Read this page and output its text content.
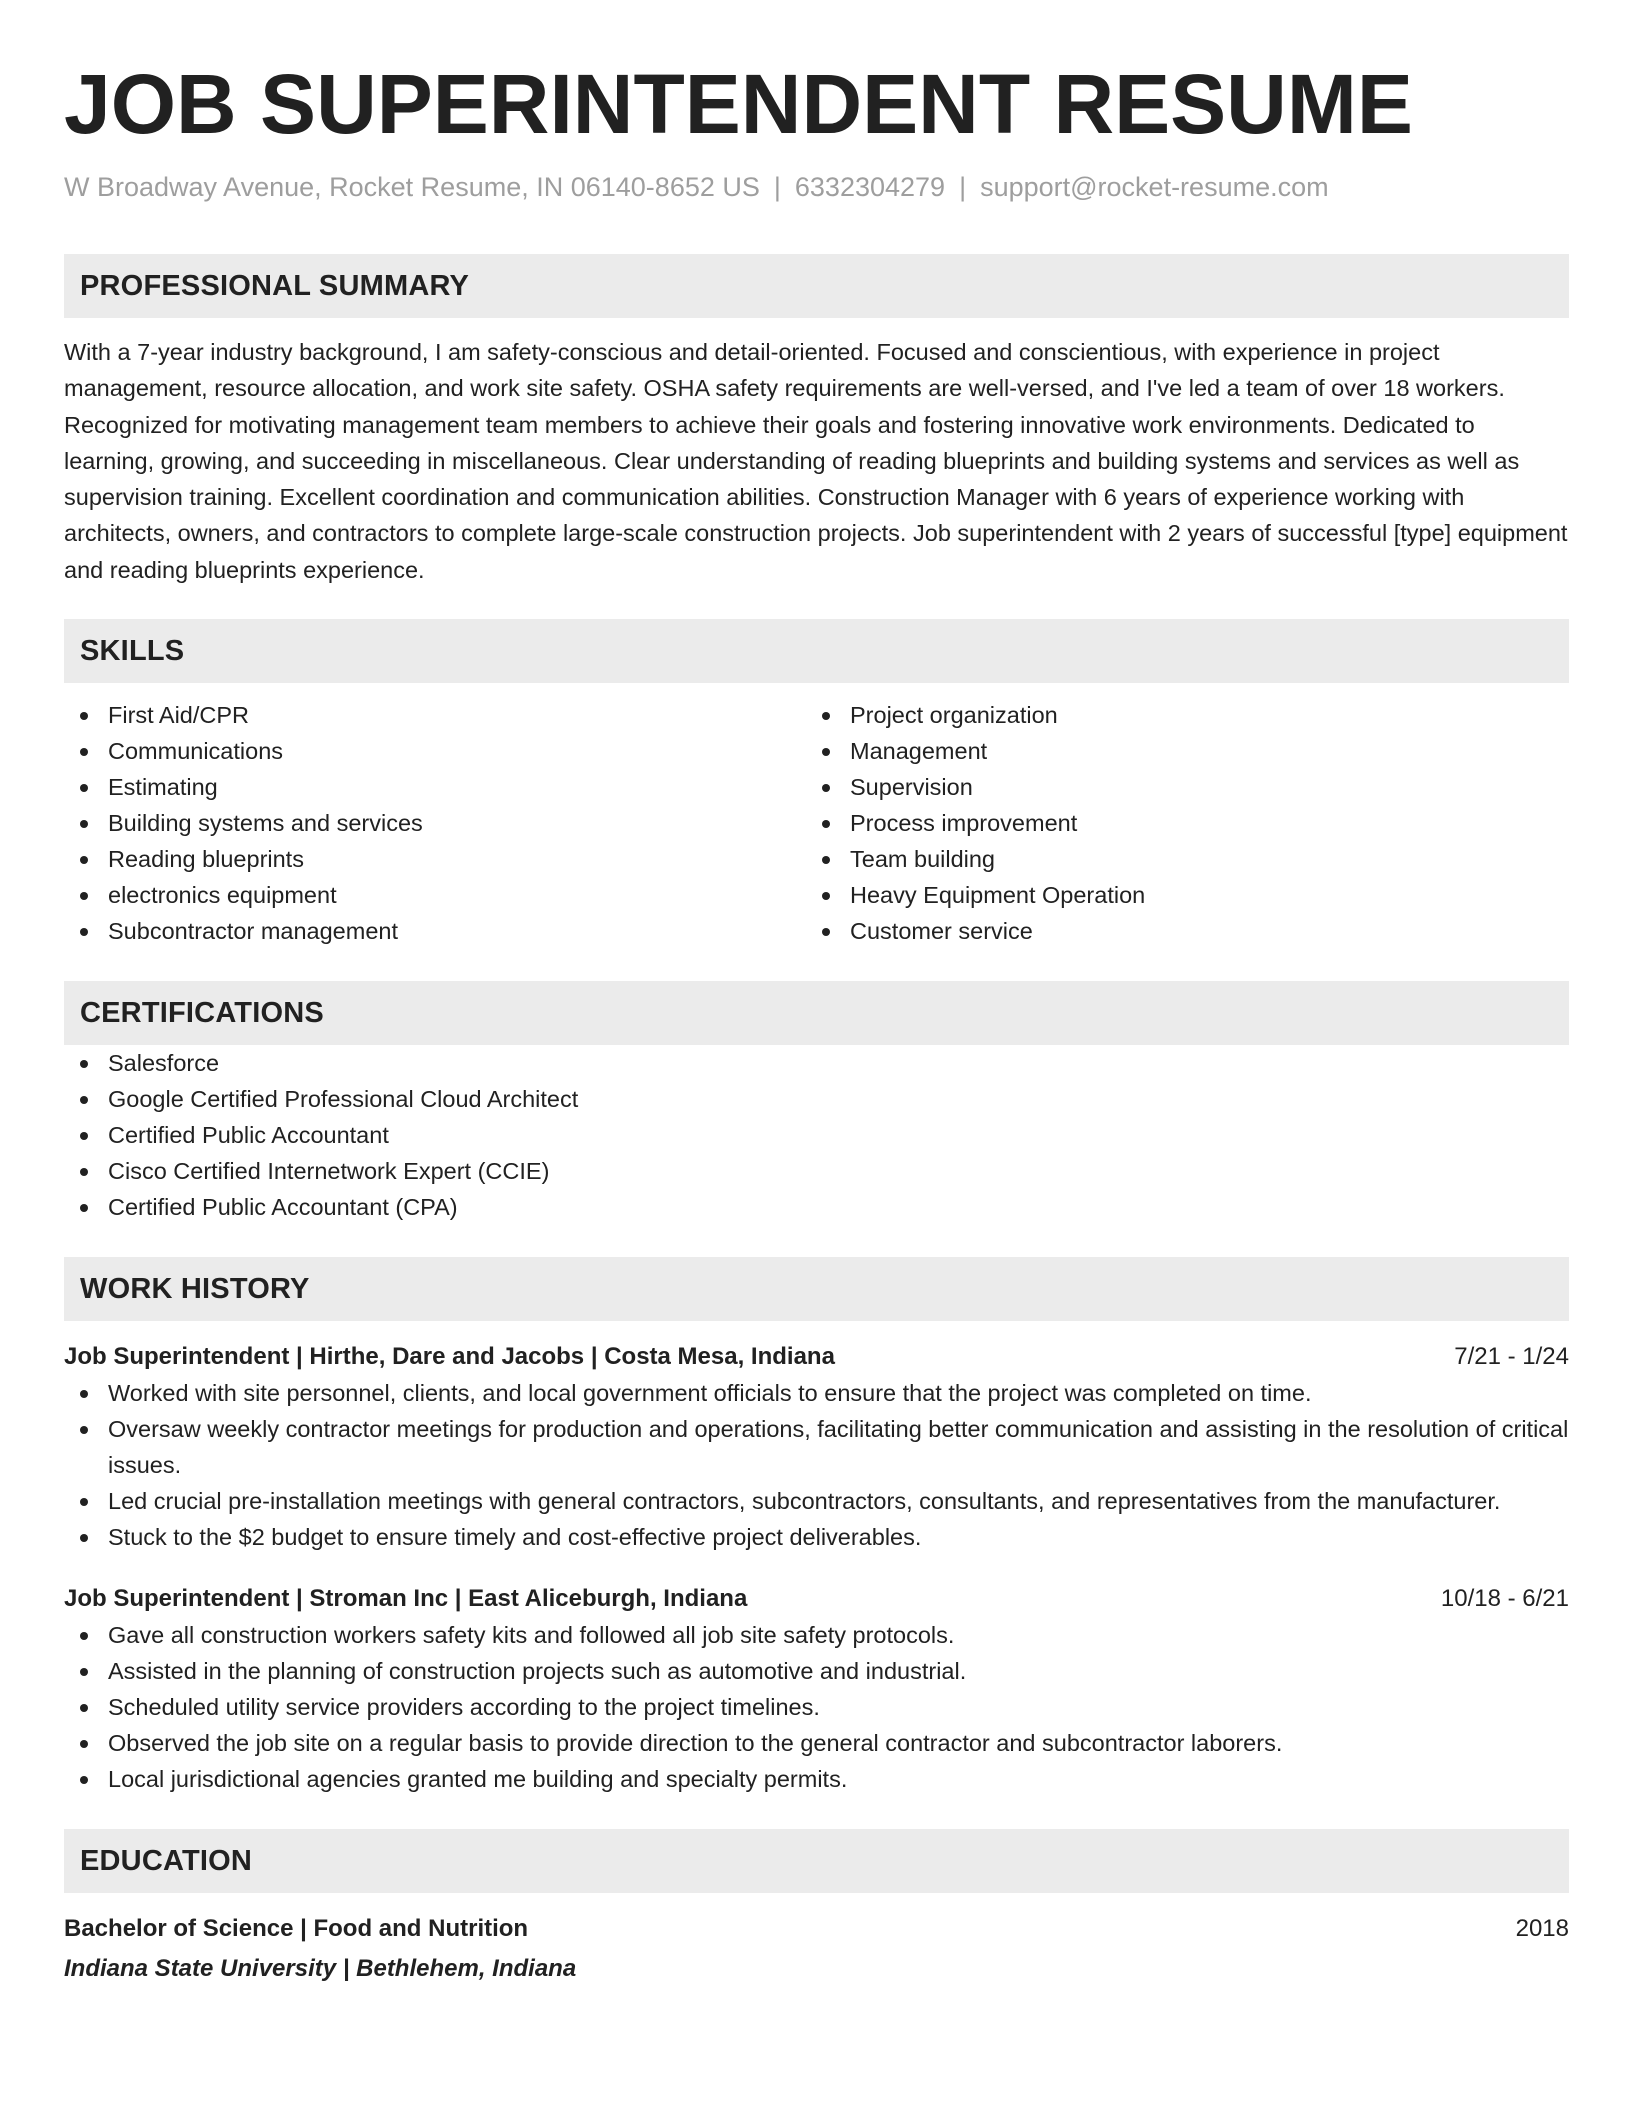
JOB SUPERINTENDENT RESUME
W Broadway Avenue, Rocket Resume, IN 06140-8652 US | 6332304279 | support@rocket-resume.com
PROFESSIONAL SUMMARY

With a 7-year industry background, I am safety-conscious and detail-oriented. Focused and conscientious, with experience in project management, resource allocation, and work site safety. OSHA safety requirements are well-versed, and I've led a team of over 18 workers. Recognized for motivating management team members to achieve their goals and fostering innovative work environments. Dedicated to learning, growing, and succeeding in miscellaneous. Clear understanding of reading blueprints and building systems and services as well as supervision training. Excellent coordination and communication abilities. Construction Manager with 6 years of experience working with architects, owners, and contractors to complete large-scale construction projects. Job superintendent with 2 years of successful [type] equipment and reading blueprints experience.

SKILLS
First Aid/CPR
Communications
Estimating
Building systems and services
Reading blueprints
electronics equipment
Subcontractor management
Project organization
Management
Supervision
Process improvement
Team building
Heavy Equipment Operation
Customer service
CERTIFICATIONS
Salesforce
Google Certified Professional Cloud Architect
Certified Public Accountant
Cisco Certified Internetwork Expert (CCIE)
Certified Public Accountant (CPA)
WORK HISTORY
Job Superintendent | Hirthe, Dare and Jacobs | Costa Mesa, Indiana	7/21 - 1/24
Worked with site personnel, clients, and local government officials to ensure that the project was completed on time.
Oversaw weekly contractor meetings for production and operations, facilitating better communication and assisting in the resolution of critical issues.
Led crucial pre-installation meetings with general contractors, subcontractors, consultants, and representatives from the manufacturer.
Stuck to the $2 budget to ensure timely and cost-effective project deliverables.
Job Superintendent | Stroman Inc | East Aliceburgh, Indiana	10/18 - 6/21
Gave all construction workers safety kits and followed all job site safety protocols.
Assisted in the planning of construction projects such as automotive and industrial.
Scheduled utility service providers according to the project timelines.
Observed the job site on a regular basis to provide direction to the general contractor and subcontractor laborers.
Local jurisdictional agencies granted me building and specialty permits.
EDUCATION
Bachelor of Science | Food and Nutrition	2018
Indiana State University | Bethlehem, Indiana
